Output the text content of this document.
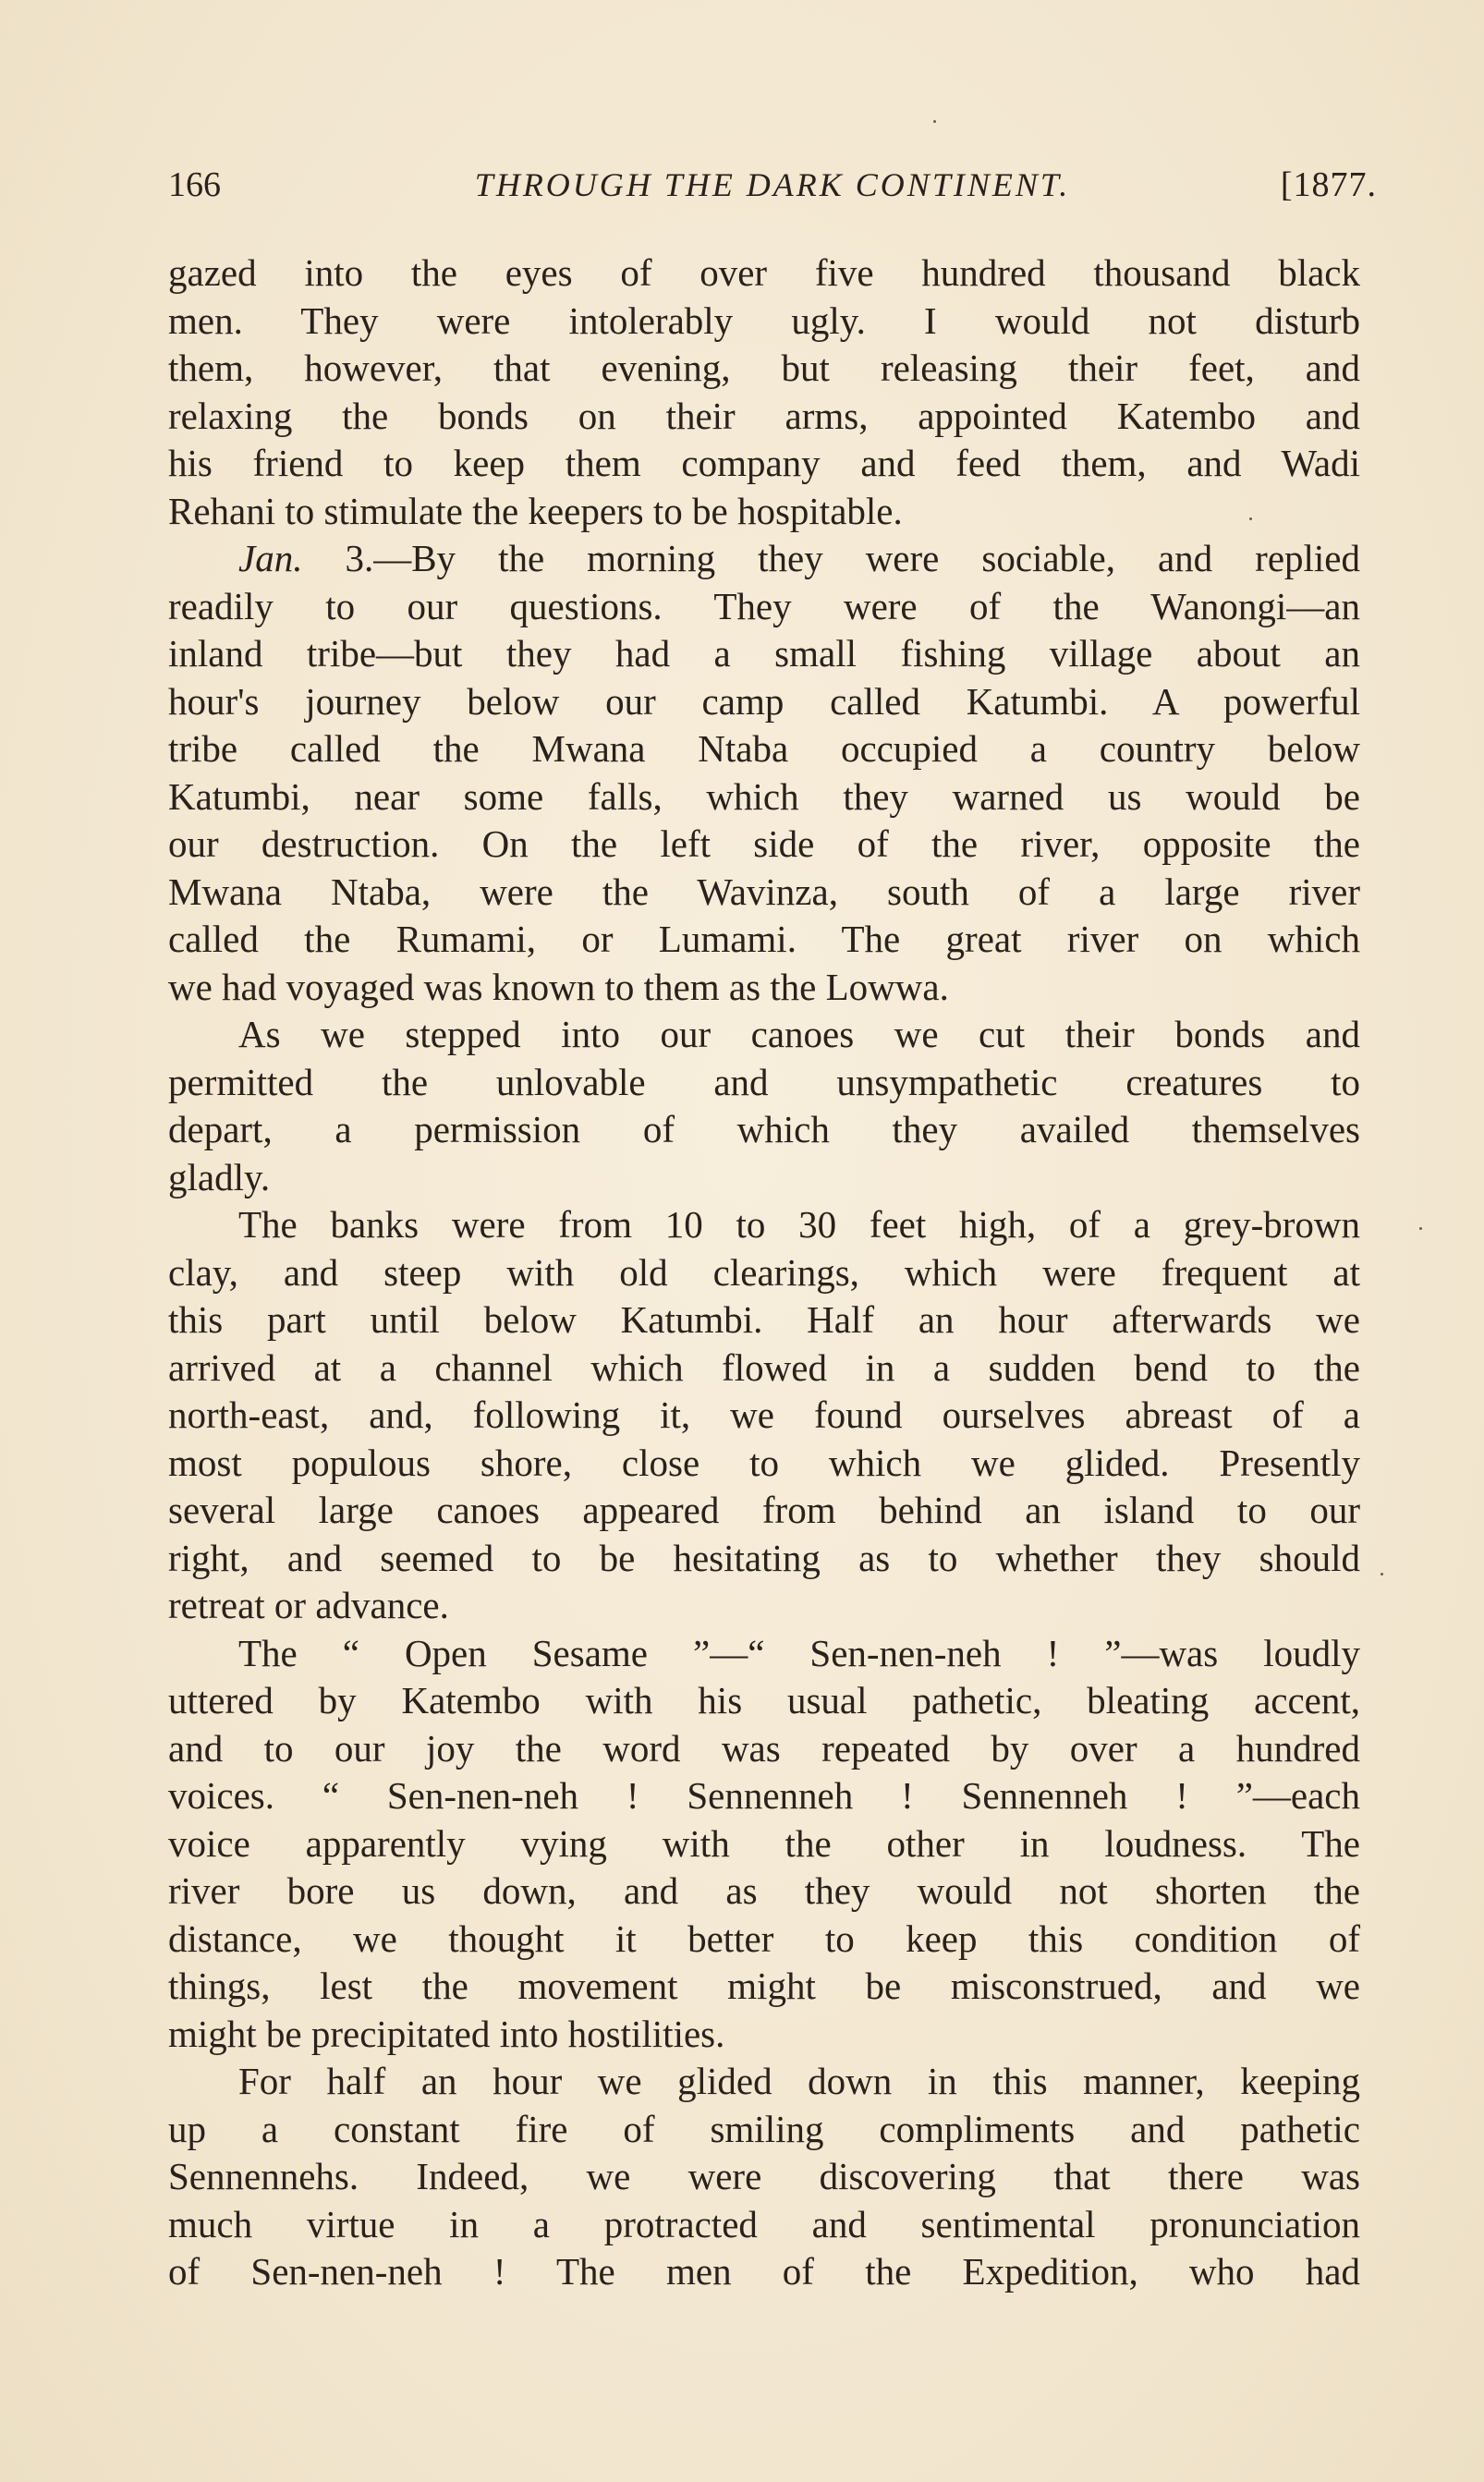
166	THROUGH THE DARK CONTINENT.	[1877.
gazed into the eyes of over five hundred thousand black
men. They were intolerably ugly. I would not disturb
them, however, that evening, but releasing their feet, and
relaxing the bonds on their arms, appointed Katembo and
his friend to keep them company and feed them, and Wadi
Rehani to stimulate the keepers to be hospitable.
Jan. 3.—By the morning they were sociable, and replied
readily to our questions. They were of the Wanongi—an
inland tribe—but they had a small fishing village about an
hour's journey below our camp called Katumbi. A powerful
tribe called the Mwana Ntaba occupied a country below
Katumbi, near some falls, which they warned us would be
our destruction. On the left side of the river, opposite the
Mwana Ntaba, were the Wavinza, south of a large river
called the Rumami, or Lumami. The great river on which
we had voyaged was known to them as the Lowwa.
As we stepped into our canoes we cut their bonds and
permitted the unlovable and unsympathetic creatures to
depart, a permission of which they availed themselves
gladly.
The banks were from 10 to 30 feet high, of a grey-brown
clay, and steep with old clearings, which were frequent at
this part until below Katumbi. Half an hour afterwards we
arrived at a channel which flowed in a sudden bend to the
north-east, and, following it, we found ourselves abreast of a
most populous shore, close to which we glided. Presently
several large canoes appeared from behind an island to our
right, and seemed to be hesitating as to whether they should
retreat or advance.
The “ Open Sesame ”—“ Sen-nen-neh ! ”—was loudly
uttered by Katembo with his usual pathetic, bleating accent,
and to our joy the word was repeated by over a hundred
voices. “ Sen-nen-neh ! Sennenneh ! Sennenneh ! ”—each
voice apparently vying with the other in loudness. The
river bore us down, and as they would not shorten the
distance, we thought it better to keep this condition of
things, lest the movement might be misconstrued, and we
might be precipitated into hostilities.
For half an hour we glided down in this manner, keeping
up a constant fire of smiling compliments and pathetic
Sennennehs. Indeed, we were discovering that there was
much virtue in a protracted and sentimental pronunciation
of Sen-nen-neh ! The men of the Expedition, who had
